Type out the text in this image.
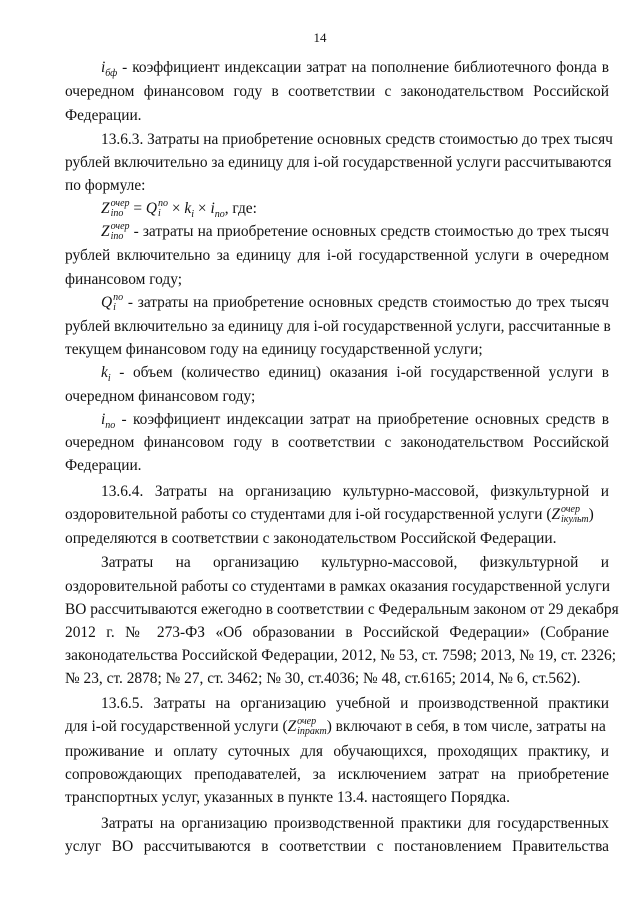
14
$i_{бф}$ - коэффициент индексации затрат на пополнение библиотечного фонда в
очередном финансовом году в соответствии с законодательством Российской
Федерации.
13.6.3. Затраты на приобретение основных средств стоимостью до трех тысяч
рублей включительно за единицу для i-ой государственной услуги рассчитываются
по формуле:
Z очер
iпо = Q по
$i \times k_i \times i_{по}$, где:
Z очер
iпо - затраты на приобретение основных средств стоимостью до трех тысяч
рублей включительно за единицу для i-ой государственной услуги в очередном
финансовом году;
Q по
i - затраты на приобретение основных средств стоимостью до трех тысяч
рублей включительно за единицу для i-ой государственной услуги, рассчитанные в
текущем финансовом году на единицу государственной услуги;
$k_i$ - объем (количество единиц) оказания i-ой государственной услуги в
очередном финансовом году;
$i_{по}$ - коэффициент индексации затрат на приобретение основных средств в
очередном финансовом году в соответствии с законодательством Российской
Федерации.
13.6.4. Затраты на организацию культурно-массовой, физкультурной и
оздоровительной работы со студентами для i-ой государственной услуги (Z очер
iкульт )
определяются в соответствии с законодательством Российской Федерации.
Затраты на организацию культурно-массовой, физкультурной и
оздоровительной работы со студентами в рамках оказания государственной услуги
ВО рассчитываются ежегодно в соответствии с Федеральным законом от 29 декабря
2012 г. № 273-ФЗ «Об образовании в Российской Федерации» (Собрание
законодательства Российской Федерации, 2012, № 53, ст. 7598; 2013, № 19, ст. 2326;
№ 23, ст. 2878; № 27, ст. 3462; № 30, ст.4036; № 48, ст.6165; 2014, № 6, ст.562).
13.6.5. Затраты на организацию учебной и производственной практики
для i-ой государственной услуги (Z очер
iпракт ) включают в себя, в том числе, затраты на
проживание и оплату суточных для обучающихся, проходящих практику, и
сопровождающих преподавателей, за исключением затрат на приобретение
транспортных услуг, указанных в пункте 13.4. настоящего Порядка.
Затраты на организацию производственной практики для государственных
услуг ВО рассчитываются в соответствии с постановлением Правительства
